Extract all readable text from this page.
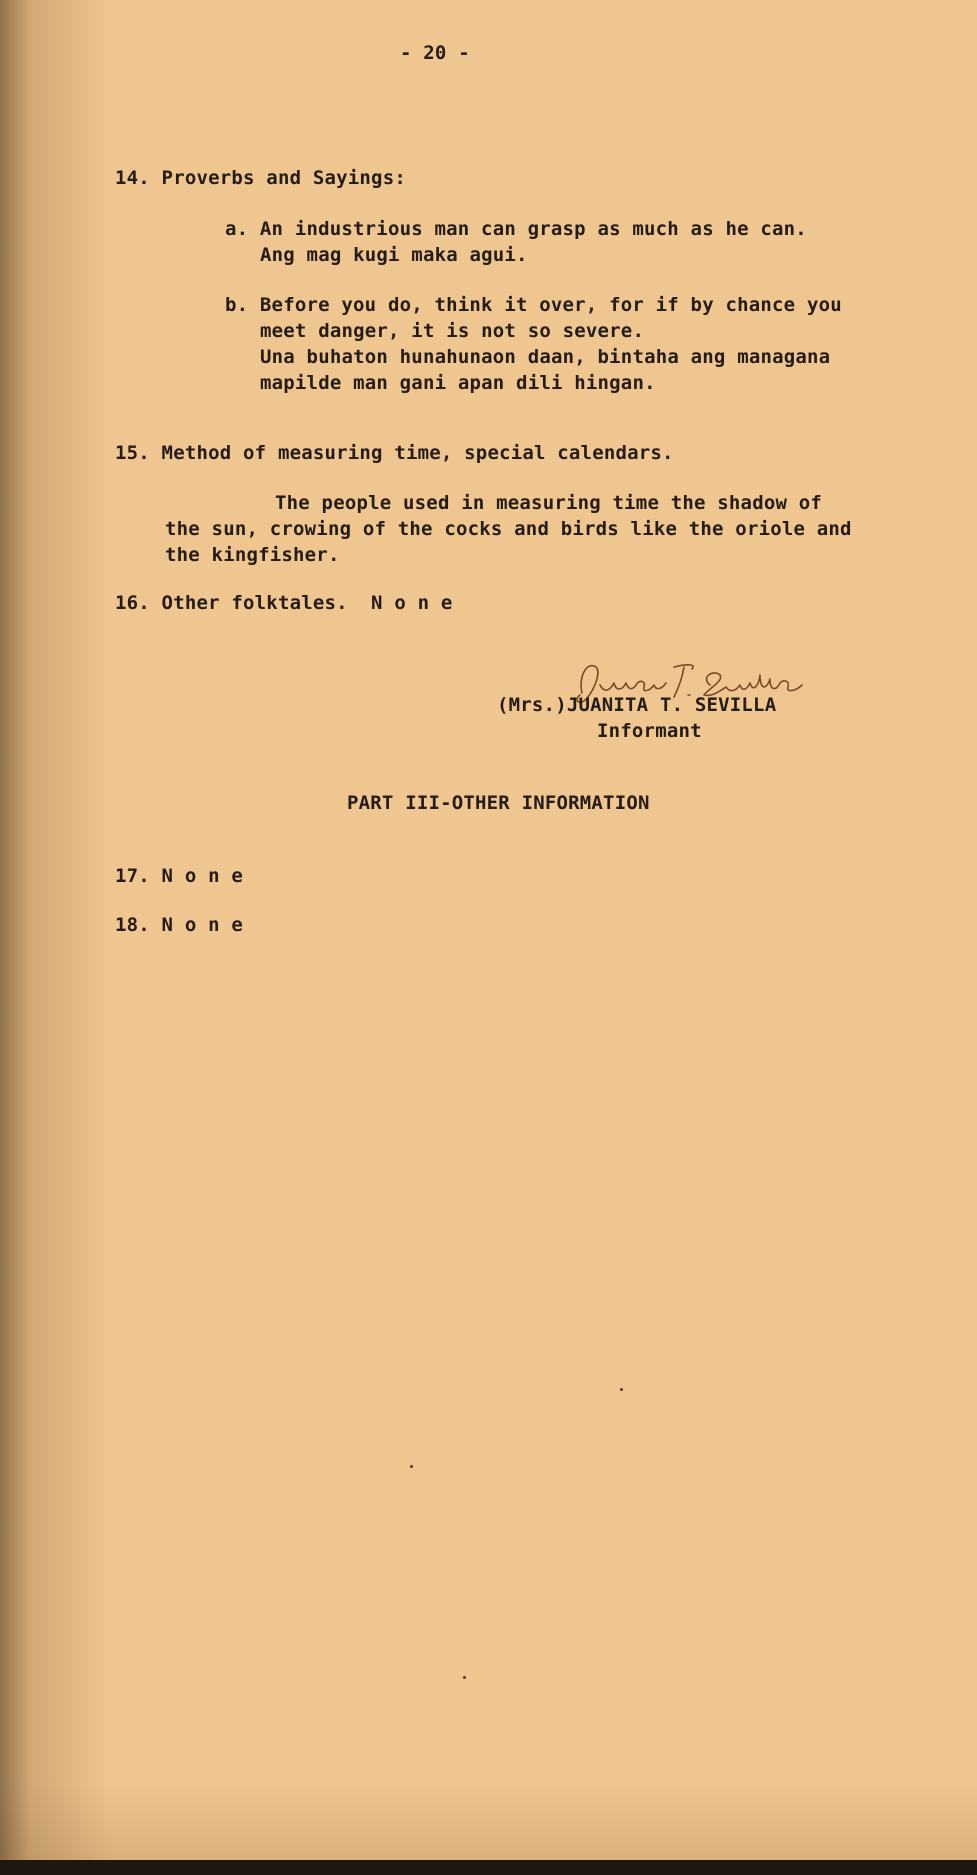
- 20 -
14. Proverbs and Sayings:
a. An industrious man can grasp as much as he can.
Ang mag kugi maka agui.
b. Before you do, think it over, for if by chance you
meet danger, it is not so severe.
Una buhaton hunahunaon daan, bintaha ang managana
mapilde man gani apan dili hingan.
15. Method of measuring time, special calendars.
The people used in measuring time the shadow of
the sun, crowing of the cocks and birds like the oriole and
the kingfisher.
16. Other folktales.  N o n e
(Mrs.)JUANITA T. SEVILLA
Informant
PART III-OTHER INFORMATION
17. N o n e
18. N o n e
